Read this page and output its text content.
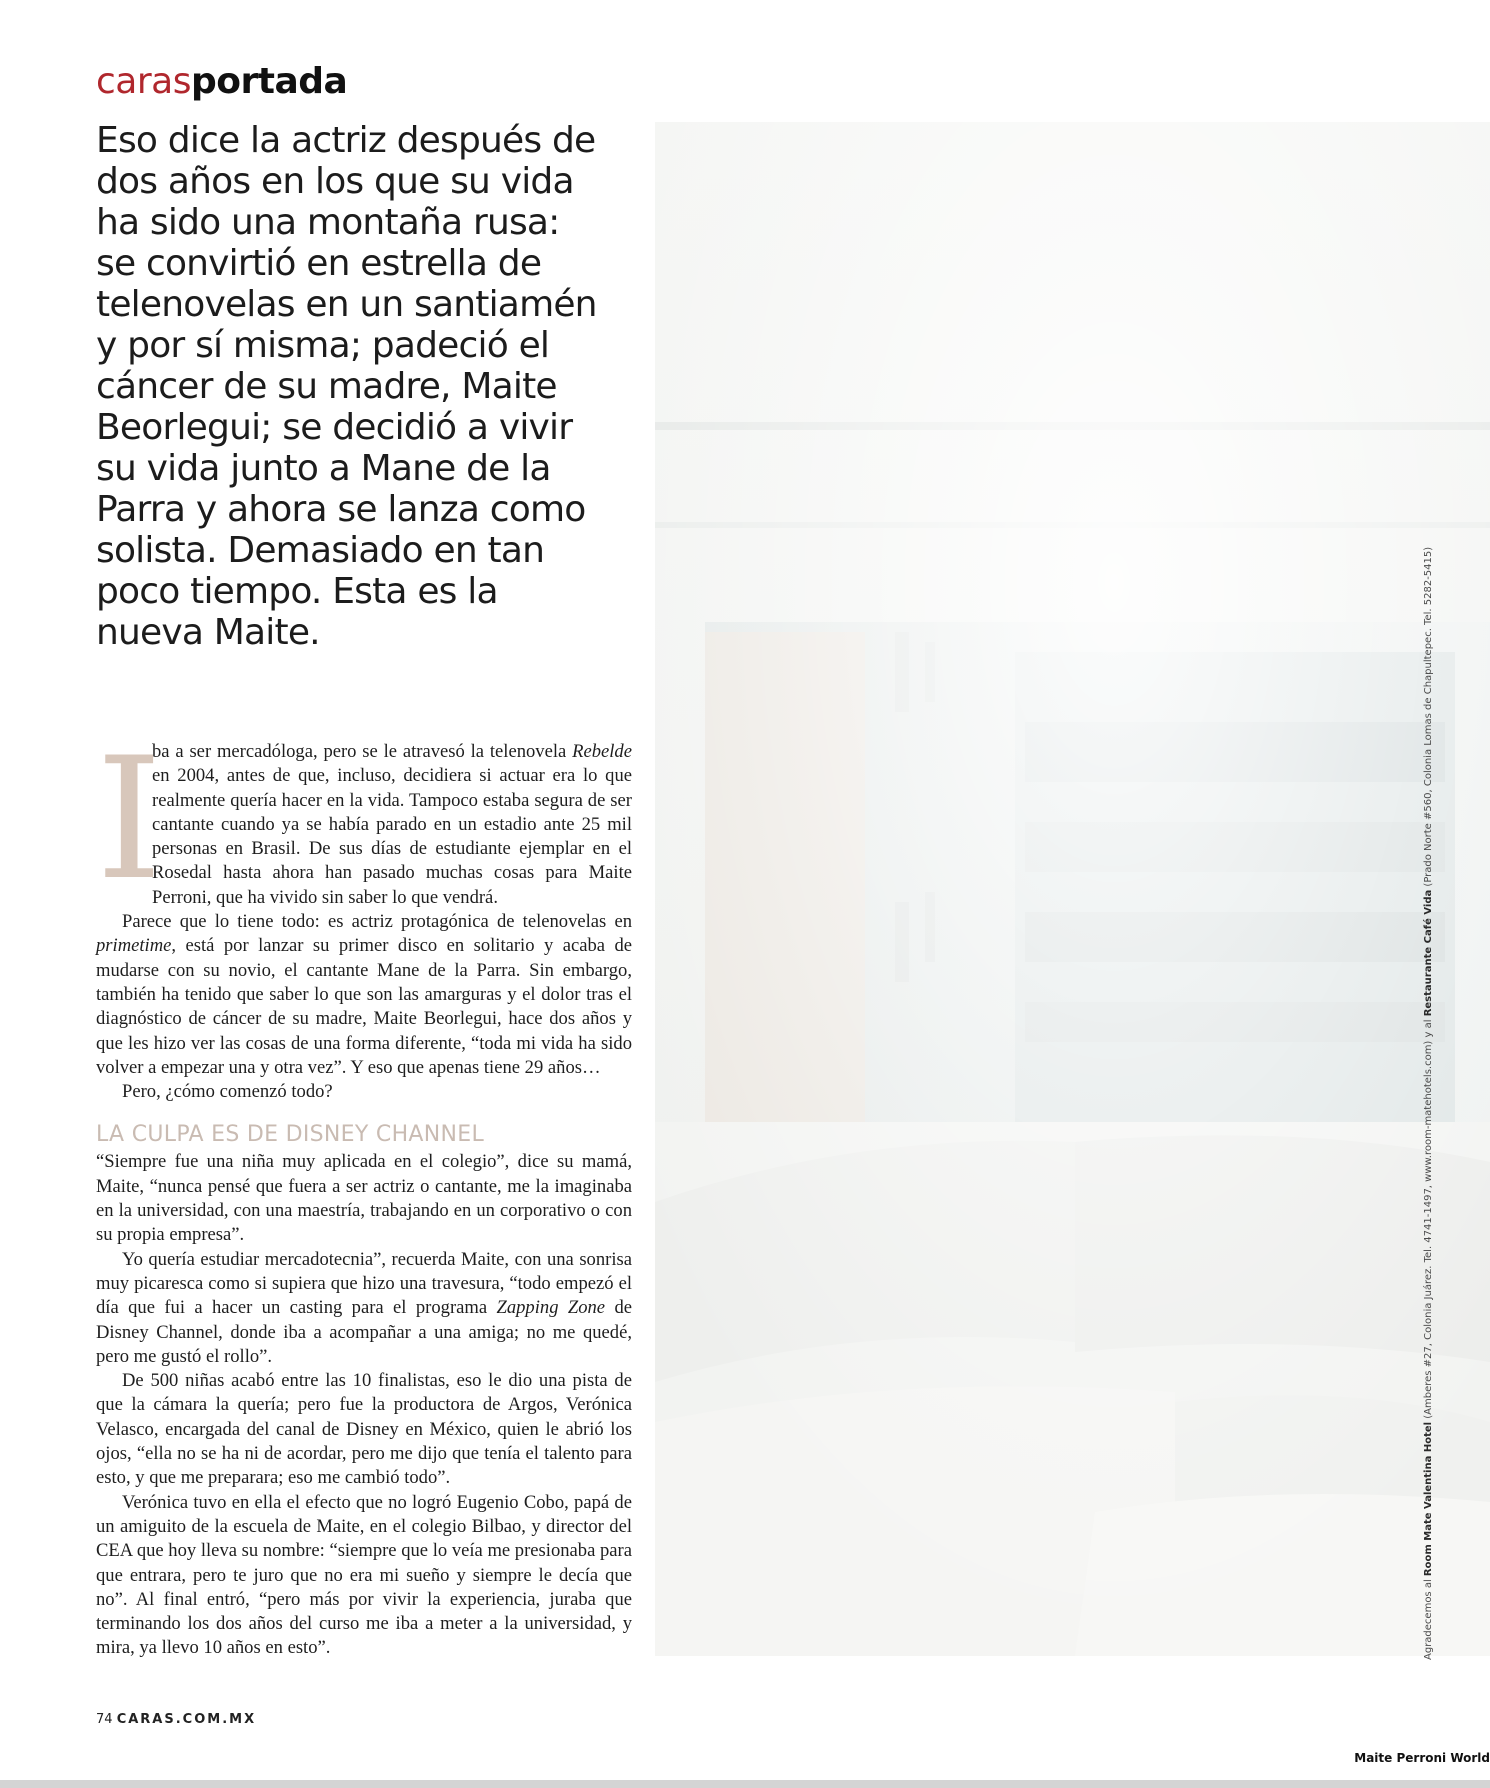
carasportada
Eso dice la actriz después de
dos años en los que su vida
ha sido una montaña rusa:
se convirtió en estrella de
telenovelas en un santiamén
y por sí misma; padeció el
cáncer de su madre, Maite
Beorlegui; se decidió a vivir
su vida junto a Mane de la
Parra y ahora se lanza como
solista. Demasiado en tan
poco tiempo. Esta es la
nueva Maite.

I
ba a ser mercadóloga, pero se le atravesó la telenovela Rebelde en 2004, antes de que, incluso, decidiera si actuar era lo que realmente quería hacer en la vida. Tampoco estaba segura de ser cantante cuando ya se había parado en un estadio ante 25 mil personas en Brasil. De sus días de estudiante ejemplar en el Rosedal hasta ahora han pasado muchas cosas para Maite Perroni, que ha vivido sin saber lo que vendrá.

Parece que lo tiene todo: es actriz protagónica de telenovelas en primetime, está por lanzar su primer disco en solitario y acaba de mudarse con su novio, el cantante Mane de la Parra. Sin embargo, también ha tenido que saber lo que son las amarguras y el dolor tras el diagnóstico de cáncer de su madre, Maite Beorlegui, hace dos años y que les hizo ver las cosas de una forma diferente, “toda mi vida ha sido volver a empezar una y otra vez”. Y eso que apenas tiene 29 años…

Pero, ¿cómo comenzó todo?

LA CULPA ES DE DISNEY CHANNEL

“Siempre fue una niña muy aplicada en el colegio”, dice su mamá, Maite, “nunca pensé que fuera a ser actriz o cantante, me la imaginaba en la universidad, con una maestría, trabajando en un corporativo o con su propia empresa”.

Yo quería estudiar mercadotecnia”, recuerda Maite, con una sonrisa muy picaresca como si supiera que hizo una travesura, “todo empezó el día que fui a hacer un casting para el programa Zapping Zone de Disney Channel, donde iba a acompañar a una amiga; no me quedé, pero me gustó el rollo”.

De 500 niñas acabó entre las 10 finalistas, eso le dio una pista de que la cámara la quería; pero fue la productora de Argos, Verónica Velasco, encargada del canal de Disney en México, quien le abrió los ojos, “ella no se ha ni de acordar, pero me dijo que tenía el talento para esto, y que me preparara; eso me cambió todo”.

Verónica tuvo en ella el efecto que no logró Eugenio Cobo, papá de un amiguito de la escuela de Maite, en el colegio Bilbao, y director del CEA que hoy lleva su nombre: “siempre que lo veía me presionaba para que entrara, pero te juro que no era mi sueño y siempre le decía que no”. Al final entró, “pero más por vivir la experiencia, juraba que terminando los dos años del curso me iba a meter a la universidad, y mira, ya llevo 10 años en esto”.	Agradecemos al Room Mate Valentina Hotel (Amberes #27, Colonia Juárez. Tel. 4741-1497, www.room-matehotels.com) y al Restaurante Café Vida (Prado Norte #560, Colonia Lomas de Chapultepec. Tel. 5282-5415)
74 CARAS.COM.MX
Maite Perroni World
